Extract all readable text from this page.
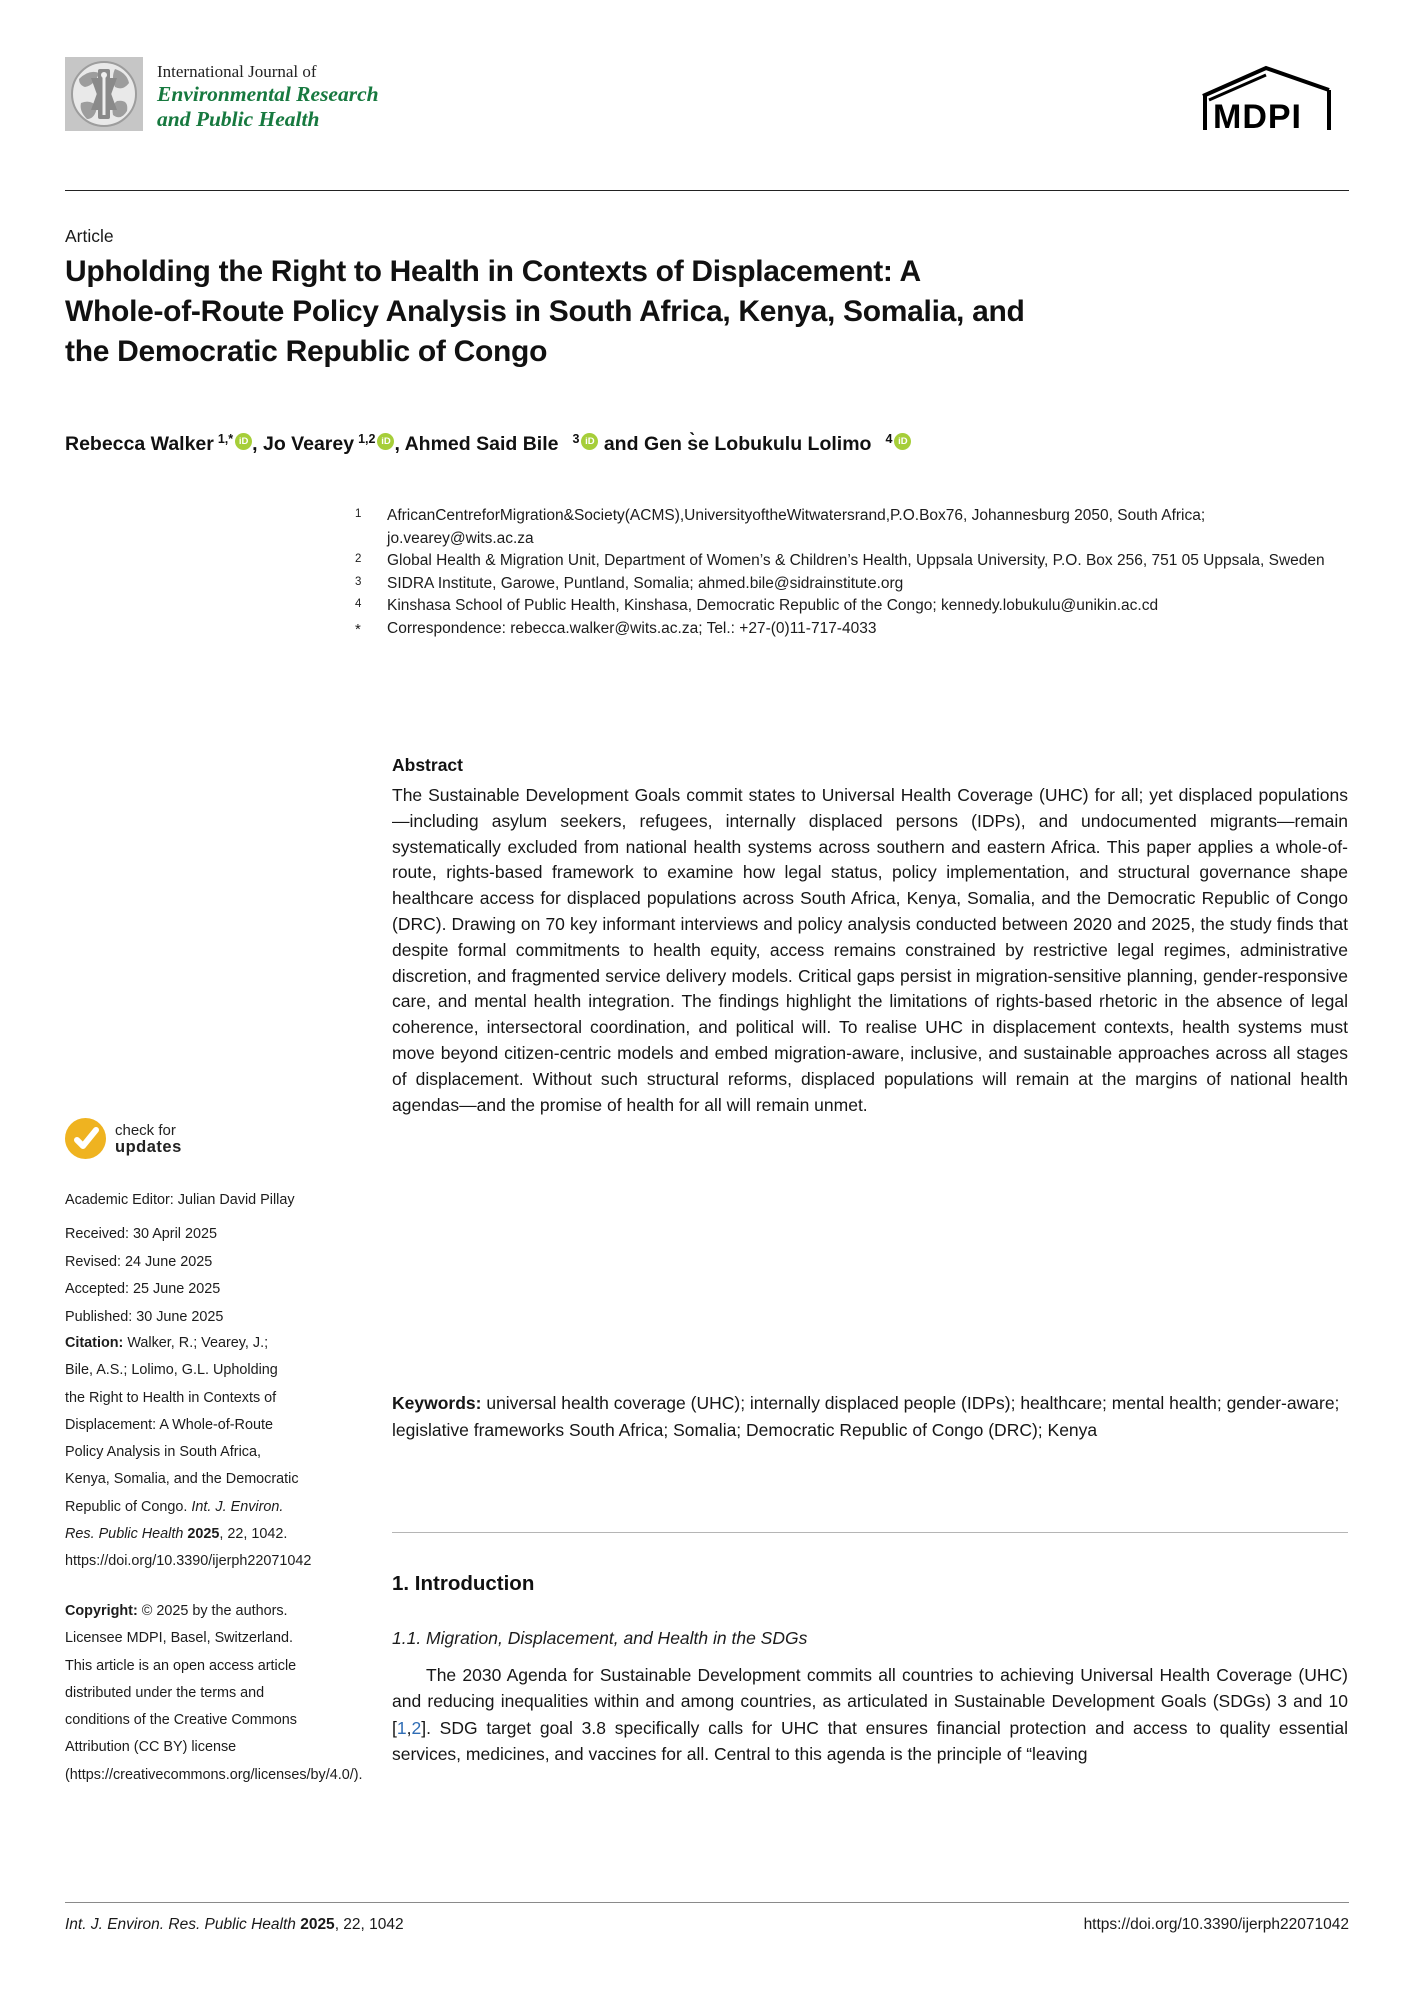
International Journal of
Environmental Research
and Public Health	MDPI
Article
Upholding the Right to Health in Contexts of Displacement: A Whole-of-Route Policy Analysis in South Africa, Kenya, Somalia, and the Democratic Republic of Congo
Rebecca Walker $^{1,*}$ iD , Jo Vearey $^{1,2}$ iD , Ahmed Said Bile $^3$ iD and Gen s̀e Lobukulu Lolimo $^4$ iD
1	AfricanCentreforMigration&Society(ACMS),UniversityoftheWitwatersrand,P.O.Box76, Johannesburg 2050, South Africa; jo.vearey@wits.ac.za
2	Global Health & Migration Unit, Department of Women’s & Children’s Health, Uppsala University, P.O. Box 256, 751 05 Uppsala, Sweden
3	SIDRA Institute, Garowe, Puntland, Somalia; ahmed.bile@sidrainstitute.org
4	Kinshasa School of Public Health, Kinshasa, Democratic Republic of the Congo; kennedy.lobukulu@unikin.ac.cd
*	Correspondence: rebecca.walker@wits.ac.za; Tel.: +27-(0)11-717-4033
Abstract
The Sustainable Development Goals commit states to Universal Health Coverage (UHC) for all; yet displaced populations—including asylum seekers, refugees, internally displaced persons (IDPs), and undocumented migrants—remain systematically excluded from national health systems across southern and eastern Africa. This paper applies a whole-of-route, rights-based framework to examine how legal status, policy implementation, and structural governance shape healthcare access for displaced populations across South Africa, Kenya, Somalia, and the Democratic Republic of Congo (DRC). Drawing on 70 key informant interviews and policy analysis conducted between 2020 and 2025, the study finds that despite formal commitments to health equity, access remains constrained by restrictive legal regimes, administrative discretion, and fragmented service delivery models. Critical gaps persist in migration-sensitive planning, gender-responsive care, and mental health integration. The findings highlight the limitations of rights-based rhetoric in the absence of legal coherence, intersectoral coordination, and political will. To realise UHC in displacement contexts, health systems must move beyond citizen-centric models and embed migration-aware, inclusive, and sustainable approaches across all stages of displacement. Without such structural reforms, displaced populations will remain at the margins of national health agendas—and the promise of health for all will remain unmet.
Keywords: universal health coverage (UHC); internally displaced people (IDPs); healthcare; mental health; gender-aware; legislative frameworks South Africa; Somalia; Democratic Republic of Congo (DRC); Kenya
1. Introduction
1.1. Migration, Displacement, and Health in the SDGs
The 2030 Agenda for Sustainable Development commits all countries to achieving Universal Health Coverage (UHC) and reducing inequalities within and among countries, as articulated in Sustainable Development Goals (SDGs) 3 and 10 [1,2]. SDG target goal 3.8 specifically calls for UHC that ensures financial protection and access to quality essential services, medicines, and vaccines for all. Central to this agenda is the principle of “leaving
check for
updates
Academic Editor: Julian David Pillay
Received: 30 April 2025
Revised: 24 June 2025
Accepted: 25 June 2025
Published: 30 June 2025
Citation: Walker, R.; Vearey, J.; Bile, A.S.; Lolimo, G.L. Upholding the Right to Health in Contexts of Displacement: A Whole-of-Route Policy Analysis in South Africa, Kenya, Somalia, and the Democratic Republic of Congo. Int. J. Environ. Res. Public Health 2025, 22, 1042. https://doi.org/10.3390/ijerph22071042
Copyright: © 2025 by the authors. Licensee MDPI, Basel, Switzerland. This article is an open access article distributed under the terms and conditions of the Creative Commons Attribution (CC BY) license (https://creativecommons.org/licenses/by/4.0/).
Int. J. Environ. Res. Public Health 2025, 22, 1042	https://doi.org/10.3390/ijerph22071042
